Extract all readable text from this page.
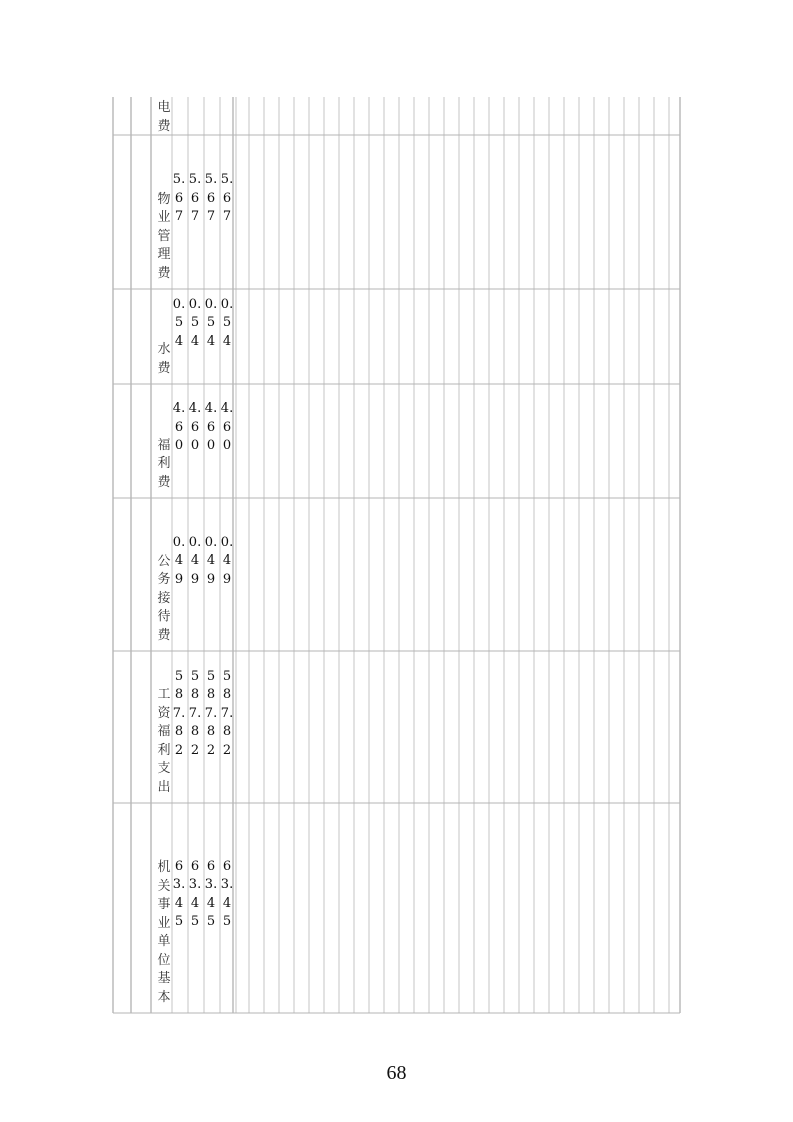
电费
物业管理费
5.67
5.67
5.67
5.67
水费
0.54
0.54
0.54
0.54
福利费
4.60
4.60
4.60
4.60
公务接待费
0.49
0.49
0.49
0.49
工资福利支出
587.82
587.82
587.82
587.82
机关事业单位基本
63.45
63.45
63.45
63.45
68
